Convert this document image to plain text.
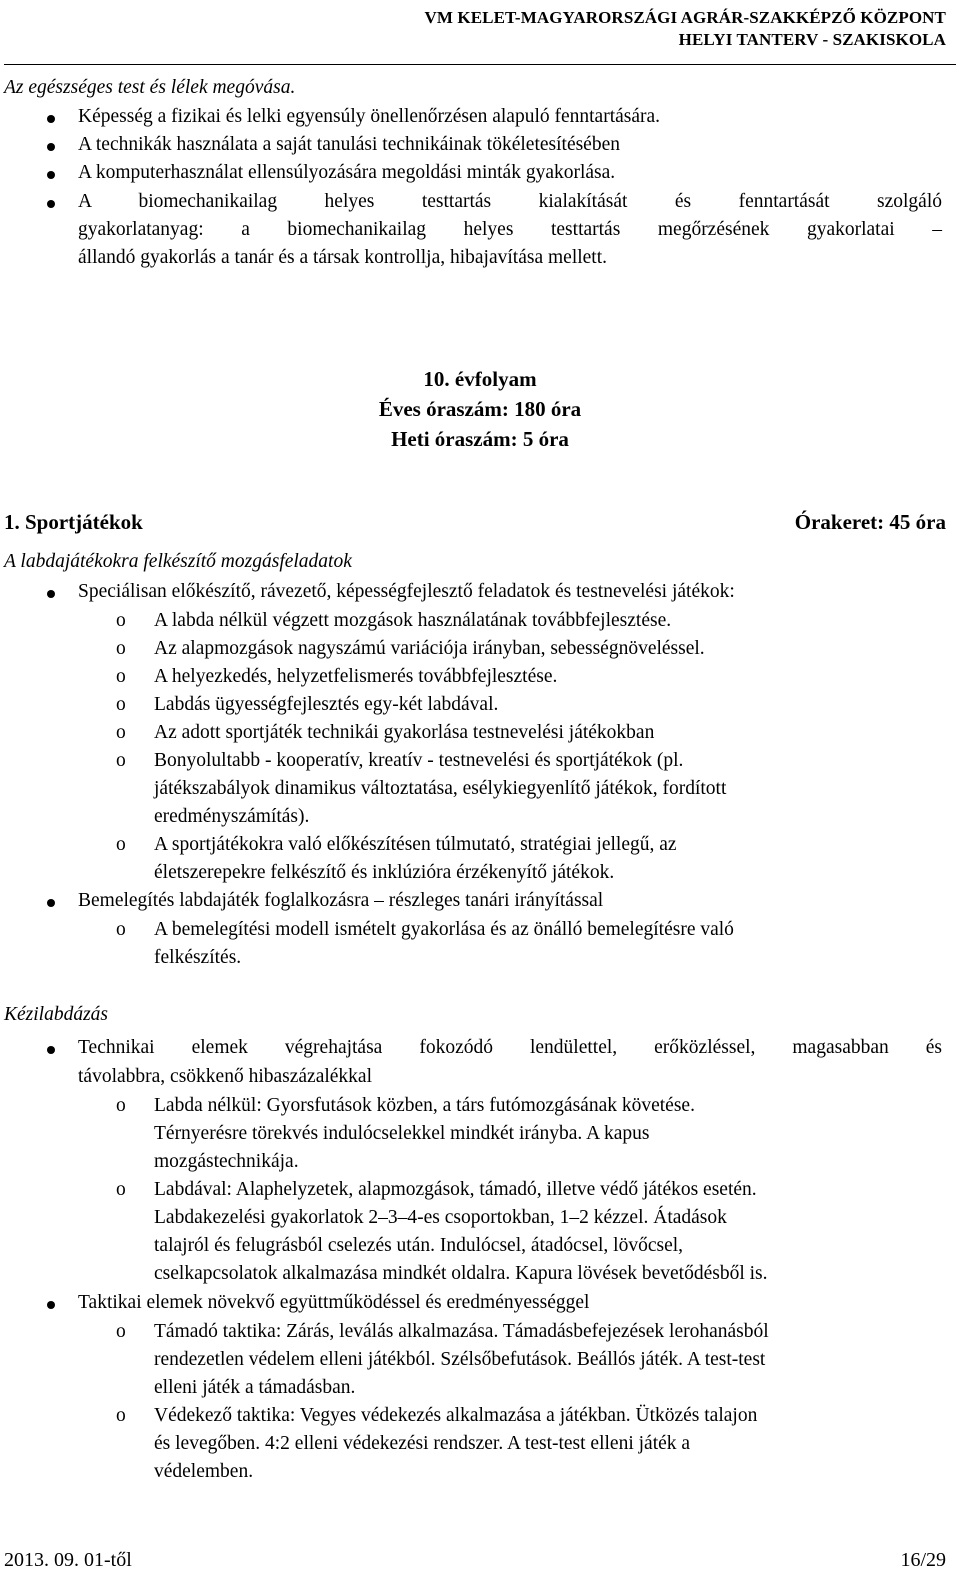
VM KELET-MAGYARORSZÁGI AGRÁR-SZAKKÉPZŐ KÖZPONT
HELYI TANTERV - SZAKISKOLA
Az egészséges test és lélek megóvása.
Képesség a fizikai és lelki egyensúly önellenőrzésen alapuló fenntartására.
A technikák használata a saját tanulási technikáinak tökéletesítésében
A komputerhasználat ellensúlyozására megoldási minták gyakorlása.
A biomechanikailag helyes testtartás kialakítását és fenntartását szolgáló
gyakorlatanyag: a biomechanikailag helyes testtartás megőrzésének gyakorlatai –
állandó gyakorlás a tanár és a társak kontrollja, hibajavítása mellett.
10. évfolyam
Éves óraszám: 180 óra
Heti óraszám: 5 óra
1. Sportjátékok	Órakeret: 45 óra
A labdajátékokra felkészítő mozgásfeladatok
Speciálisan előkészítő, rávezető, képességfejlesztő feladatok és testnevelési játékok:
o A labda nélkül végzett mozgások használatának továbbfejlesztése.
o Az alapmozgások nagyszámú variációja irányban, sebességnöveléssel.
o A helyezkedés, helyzetfelismerés továbbfejlesztése.
o Labdás ügyességfejlesztés egy-két labdával.
o Az adott sportjáték technikái gyakorlása testnevelési játékokban
o Bonyolultabb - kooperatív, kreatív - testnevelési és sportjátékok (pl.
játékszabályok dinamikus változtatása, esélykiegyenlítő játékok, fordított
eredményszámítás).
o A sportjátékokra való előkészítésen túlmutató, stratégiai jellegű, az
életszerepekre felkészítő és inklúzióra érzékenyítő játékok.
Bemelegítés labdajáték foglalkozásra – részleges tanári irányítással
o A bemelegítési modell ismételt gyakorlása és az önálló bemelegítésre való
felkészítés.
Kézilabdázás
Technikai elemek végrehajtása fokozódó lendülettel, erőközléssel, magasabban és
távolabbra, csökkenő hibaszázalékkal
o Labda nélkül: Gyorsfutások közben, a társ futómozgásának követése.
Térnyerésre törekvés indulócselekkel mindkét irányba. A kapus
mozgástechnikája.
o Labdával: Alaphelyzetek, alapmozgások, támadó, illetve védő játékos esetén.
Labdakezelési gyakorlatok 2–3–4-es csoportokban, 1–2 kézzel. Átadások
talajról és felugrásból cselezés után. Indulócsel, átadócsel, lövőcsel,
cselkapcsolatok alkalmazása mindkét oldalra. Kapura lövések bevetődésből is.
Taktikai elemek növekvő együttműködéssel és eredményességgel
o Támadó taktika: Zárás, leválás alkalmazása. Támadásbefejezések lerohanásból
rendezetlen védelem elleni játékból. Szélsőbefutások. Beállós játék. A test-test
elleni játék a támadásban.
o Védekező taktika: Vegyes védekezés alkalmazása a játékban. Ütközés talajon
és levegőben. 4:2 elleni védekezési rendszer. A test-test elleni játék a
védelemben.
2013. 09. 01-től	16/29
